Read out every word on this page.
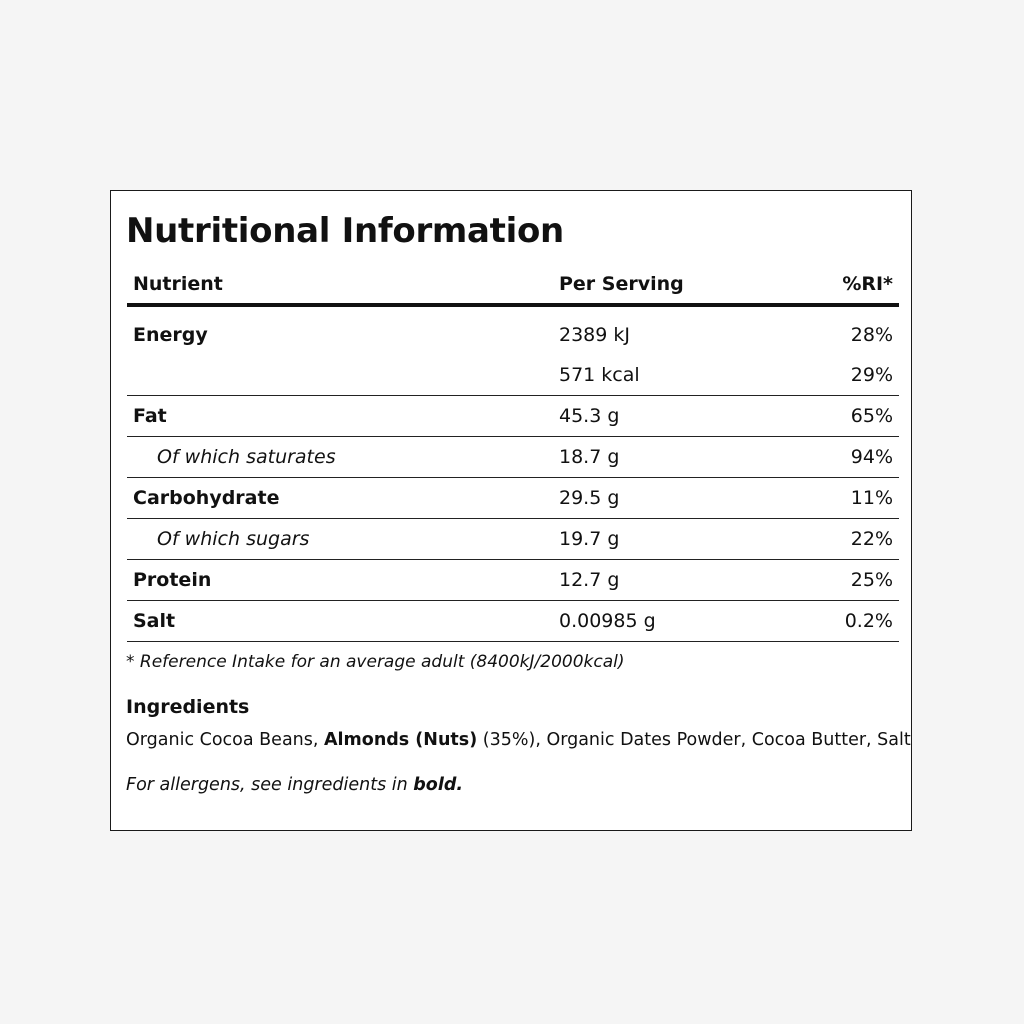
Nutritional Information
Nutrient	Per Serving	%RI*
Energy	2389 kJ	28%
	571 kcal	29%
Fat	45.3 g	65%
Of which saturates	18.7 g	94%
Carbohydrate	29.5 g	11%
Of which sugars	19.7 g	22%
Protein	12.7 g	25%
Salt	0.00985 g	0.2%
* Reference Intake for an average adult (8400kJ/2000kcal)
Ingredients
Organic Cocoa Beans, Almonds (Nuts) (35%), Organic Dates Powder, Cocoa Butter, Salt
For allergens, see ingredients in bold.
